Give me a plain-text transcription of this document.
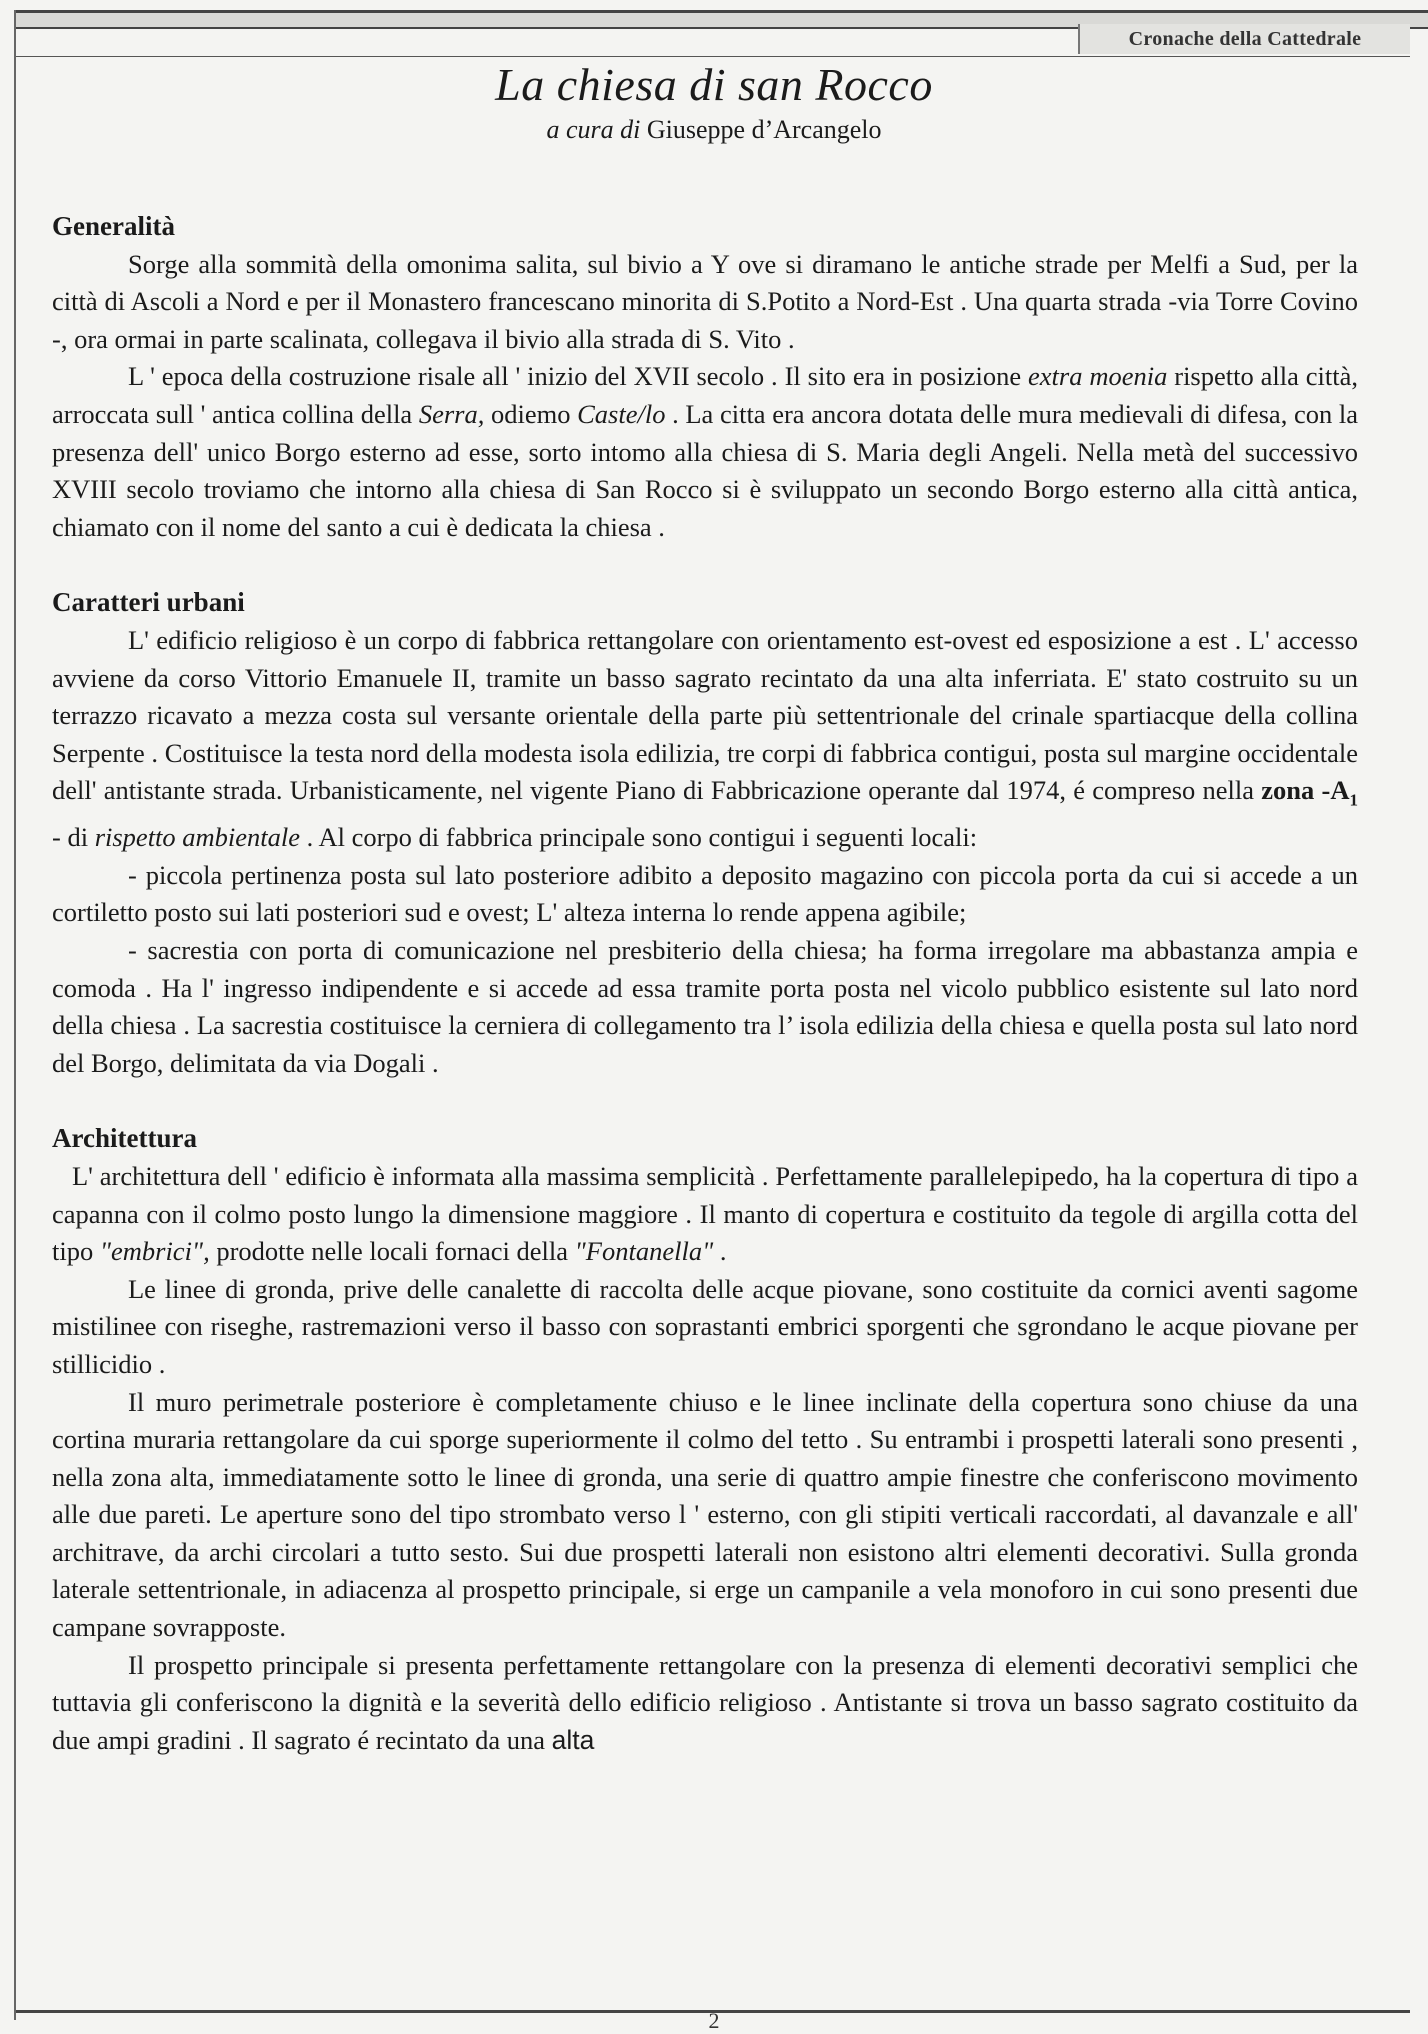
Cronache della Cattedrale
La chiesa di san Rocco
a cura di Giuseppe d’Arcangelo
Generalità

Sorge alla sommità della omonima salita, sul bivio a Y ove si diramano le antiche strade per Melfi a Sud, per la città di Ascoli a Nord e per il Monastero francescano minorita di S.Potito a Nord-Est . Una quarta strada -via Torre Covino -, ora ormai in parte scalinata, collegava il bivio alla strada di S. Vito .

L ' epoca della costruzione risale all ' inizio del XVII secolo . Il sito era in posizione extra moenia rispetto alla città, arroccata sull ' antica collina della Serra, odiemo Caste/lo . La citta era ancora dotata delle mura medievali di difesa, con la presenza dell' unico Borgo esterno ad esse, sorto intomo alla chiesa di S. Maria degli Angeli. Nella metà del successivo XVIII secolo troviamo che intorno alla chiesa di San Rocco si è sviluppato un secondo Borgo esterno alla città antica, chiamato con il nome del santo a cui è dedicata la chiesa .

Caratteri urbani

L' edificio religioso è un corpo di fabbrica rettangolare con orientamento est-ovest ed esposizione a est . L' accesso avviene da corso Vittorio Emanuele II, tramite un basso sagrato recintato da una alta inferriata. E' stato costruito su un terrazzo ricavato a mezza costa sul versante orientale della parte più settentrionale del crinale spartiacque della collina Serpente . Costituisce la testa nord della modesta isola edilizia, tre corpi di fabbrica contigui, posta sul margine occidentale dell' antistante strada. Urbanisticamente, nel vigente Piano di Fabbricazione operante dal 1974, é compreso nella zona $-A_1$ - di rispetto ambientale . Al corpo di fabbrica principale sono contigui i seguenti locali:

- piccola pertinenza posta sul lato posteriore adibito a deposito magazino con piccola porta da cui si accede a un cortiletto posto sui lati posteriori sud e ovest; L' alteza interna lo rende appena agibile;

- sacrestia con porta di comunicazione nel presbiterio della chiesa; ha forma irregolare ma abbastanza ampia e comoda . Ha l' ingresso indipendente e si accede ad essa tramite porta posta nel vicolo pubblico esistente sul lato nord della chiesa . La sacrestia costituisce la cerniera di collegamento tra l’ isola edilizia della chiesa e quella posta sul lato nord del Borgo, delimitata da via Dogali .

Architettura

L' architettura dell ' edificio è informata alla massima semplicità . Perfettamente parallelepipedo, ha la copertura di tipo a capanna con il colmo posto lungo la dimensione maggiore . Il manto di copertura e costituito da tegole di argilla cotta del tipo "embrici", prodotte nelle locali fornaci della "Fontanella" .

Le linee di gronda, prive delle canalette di raccolta delle acque piovane, sono costituite da cornici aventi sagome mistilinee con riseghe, rastremazioni verso il basso con soprastanti embrici sporgenti che sgrondano le acque piovane per stillicidio .

Il muro perimetrale posteriore è completamente chiuso e le linee inclinate della copertura sono chiuse da una cortina muraria rettangolare da cui sporge superiormente il colmo del tetto . Su entrambi i prospetti laterali sono presenti , nella zona alta, immediatamente sotto le linee di gronda, una serie di quattro ampie finestre che conferiscono movimento alle due pareti. Le aperture sono del tipo strombato verso l ' esterno, con gli stipiti verticali raccordati, al davanzale e all' architrave, da archi circolari a tutto sesto. Sui due prospetti laterali non esistono altri elementi decorativi. Sulla gronda laterale settentrionale, in adiacenza al prospetto principale, si erge un campanile a vela monoforo in cui sono presenti due campane sovrapposte.

Il prospetto principale si presenta perfettamente rettangolare con la presenza di elementi decorativi semplici che tuttavia gli conferiscono la dignità e la severità dello edificio religioso . Antistante si trova un basso sagrato costituito da due ampi gradini . Il sagrato é recintato da una alta

2
